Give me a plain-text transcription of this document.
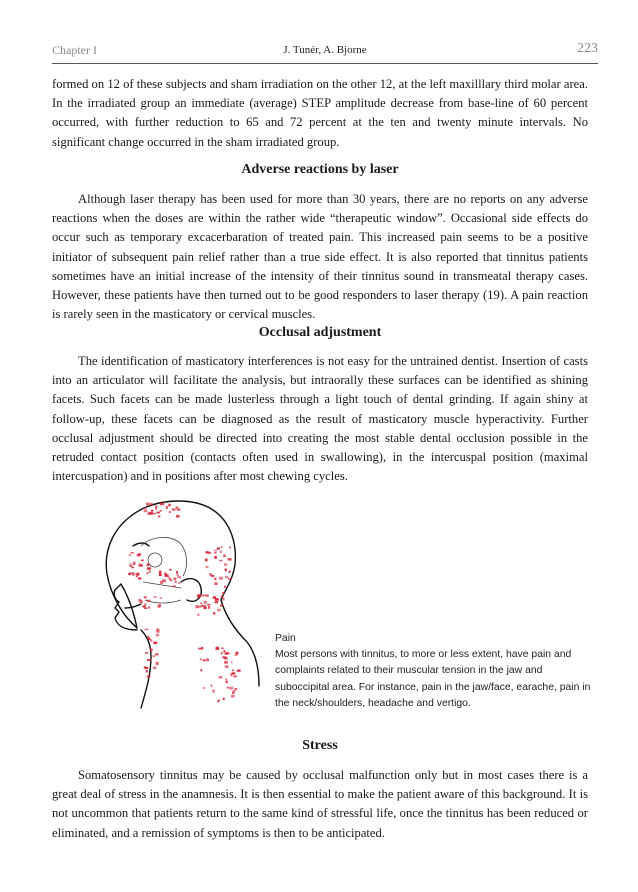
Chapter I	J. Tunér, A. Bjorne	223

formed on 12 of these subjects and sham irradiation on the other 12, at the left maxilllary third molar area. In the irradiated group an immediate (average) STEP amplitude decrease from base-line of 60 percent occurred, with further reduction to 65 and 72 percent at the ten and twenty minute intervals. No significant change occurred in the sham irradiated group.

Adverse reactions by laser

Although laser therapy has been used for more than 30 years, there are no reports on any adverse reactions when the doses are within the rather wide “therapeutic window”. Occasional side effects do occur such as temporary excacerbaration of treated pain. This increased pain seems to be a positive initiator of subsequent pain relief rather than a true side effect. It is also reported that tinnitus patients sometimes have an initial increase of the intensity of their tinnitus sound in transmeatal therapy cases. However, these patients have then turned out to be good responders to laser therapy (19). A pain reaction is rarely seen in the masticatory or cervical muscles.

Occlusal adjustment

The identification of masticatory interferences is not easy for the untrained dentist. Insertion of casts into an articulator will facilitate the analysis, but intraorally these surfaces can be identified as shining facets. Such facets can be made lusterless through a light touch of dental grinding. If again shiny at follow-up, these facets can be diagnosed as the result of masticatory muscle hyperactivity. Further occlusal adjustment should be directed into creating the most stable dental occlusion possible in the retruded contact position (contacts often used in swallowing), in the intercuspal position (maximal intercuspation) and in positions after most chewing cycles.

Pain
Most persons with tinnitus, to more or less extent, have pain and complaints related to their muscular tension in the jaw and suboccipital area. For instance, pain in the jaw/face, earache, pain in the neck/shoulders, headache and vertigo.
Stress

Somatosensory tinnitus may be caused by occlusal malfunction only but in most cases there is a great deal of stress in the anamnesis. It is then essential to make the patient aware of this background. It is not uncommon that patients return to the same kind of stressful life, once the tinnitus has been reduced or eliminated, and a remission of symptoms is then to be anticipated.
